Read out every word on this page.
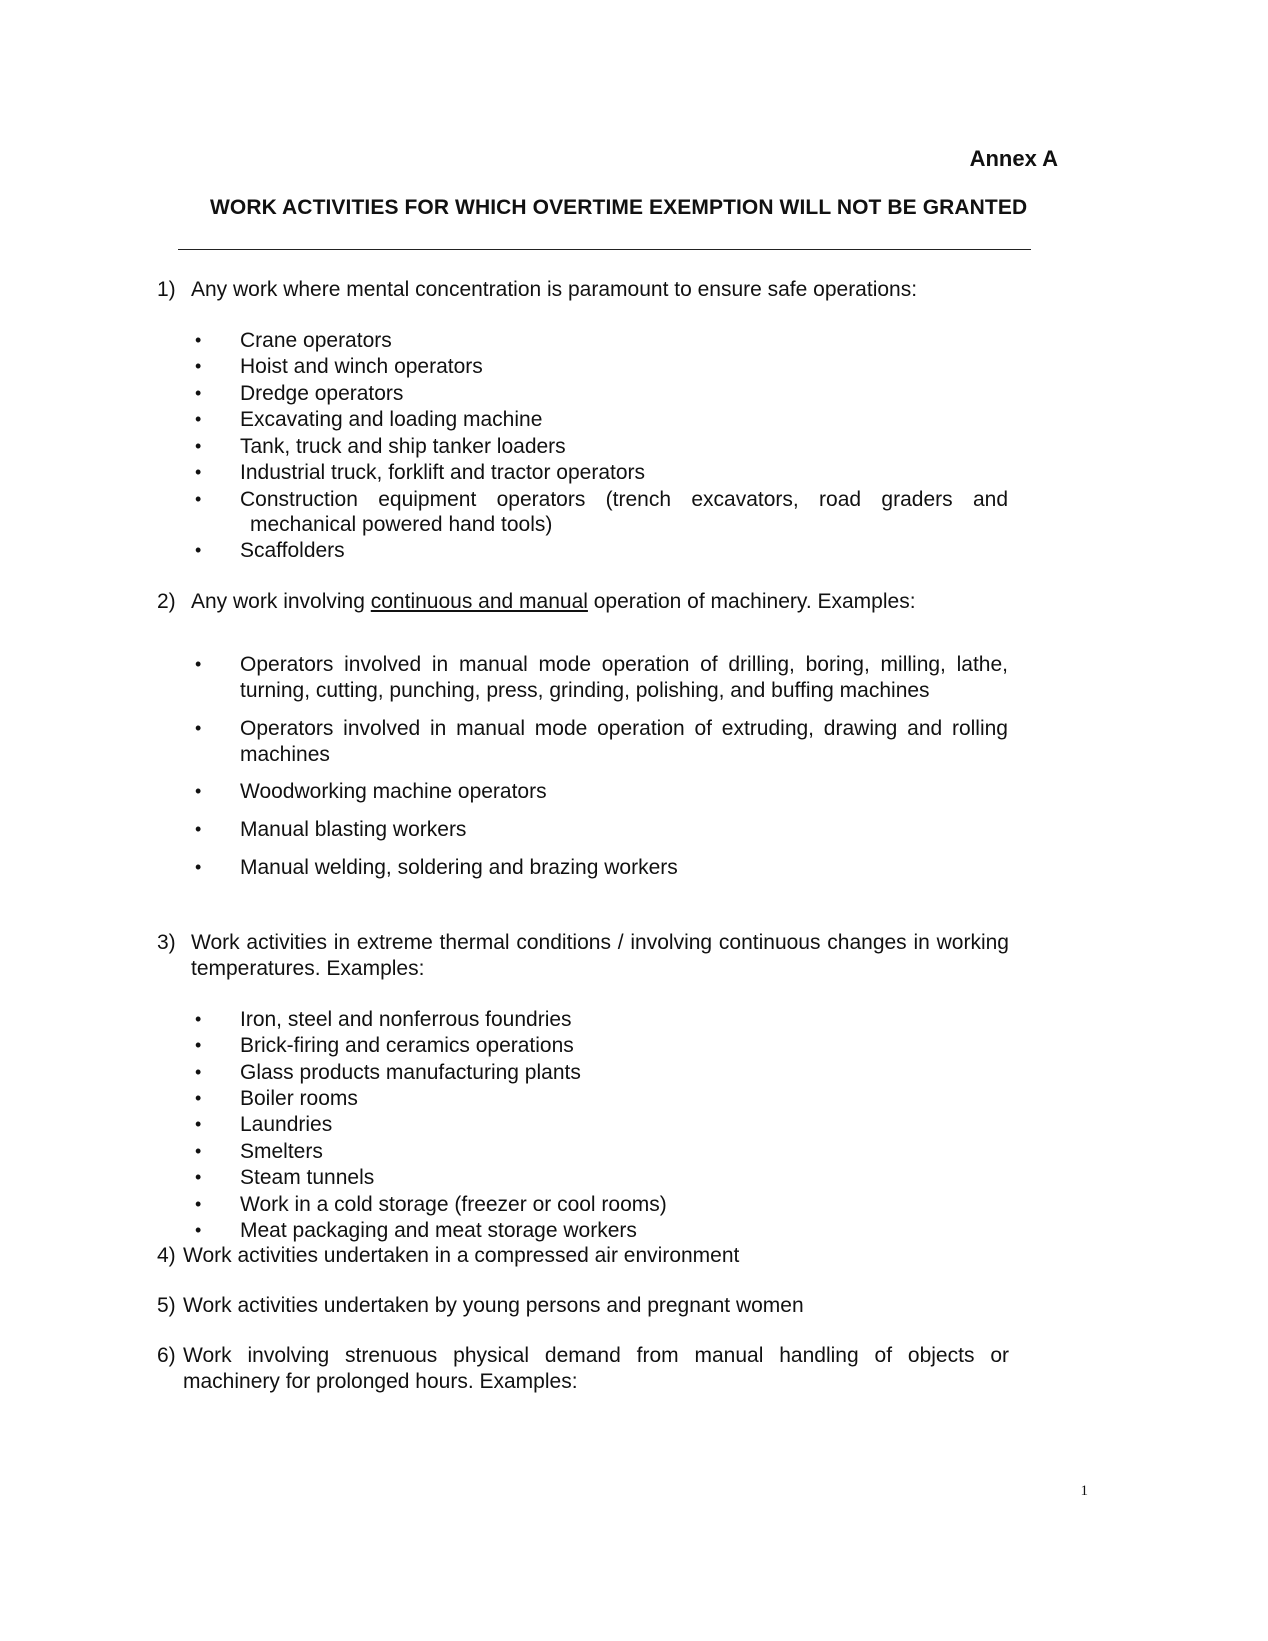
Annex A
WORK ACTIVITIES FOR WHICH OVERTIME EXEMPTION WILL NOT BE GRANTED
1) Any work where mental concentration is paramount to ensure safe operations:
• Crane operators
• Hoist and winch operators
• Dredge operators
• Excavating and loading machine
• Tank, truck and ship tanker loaders
• Industrial truck, forklift and tractor operators
• Construction equipment operators (trench excavators, road graders and
mechanical powered hand tools)
• Scaffolders
2) Any work involving continuous and manual operation of machinery. Examples:
• Operators involved in manual mode operation of drilling, boring, milling, lathe, turning, cutting, punching, press, grinding, polishing, and buffing machines
• Operators involved in manual mode operation of extruding, drawing and rolling machines
• Woodworking machine operators
• Manual blasting workers
• Manual welding, soldering and brazing workers
3) Work activities in extreme thermal conditions / involving continuous changes in working temperatures. Examples:
• Iron, steel and nonferrous foundries
• Brick-firing and ceramics operations
• Glass products manufacturing plants
• Boiler rooms
• Laundries
• Smelters
• Steam tunnels
• Work in a cold storage (freezer or cool rooms)
• Meat packaging and meat storage workers
4) Work activities undertaken in a compressed air environment
5) Work activities undertaken by young persons and pregnant women
6) Work involving strenuous physical demand from manual handling of objects or machinery for prolonged hours. Examples:
1
